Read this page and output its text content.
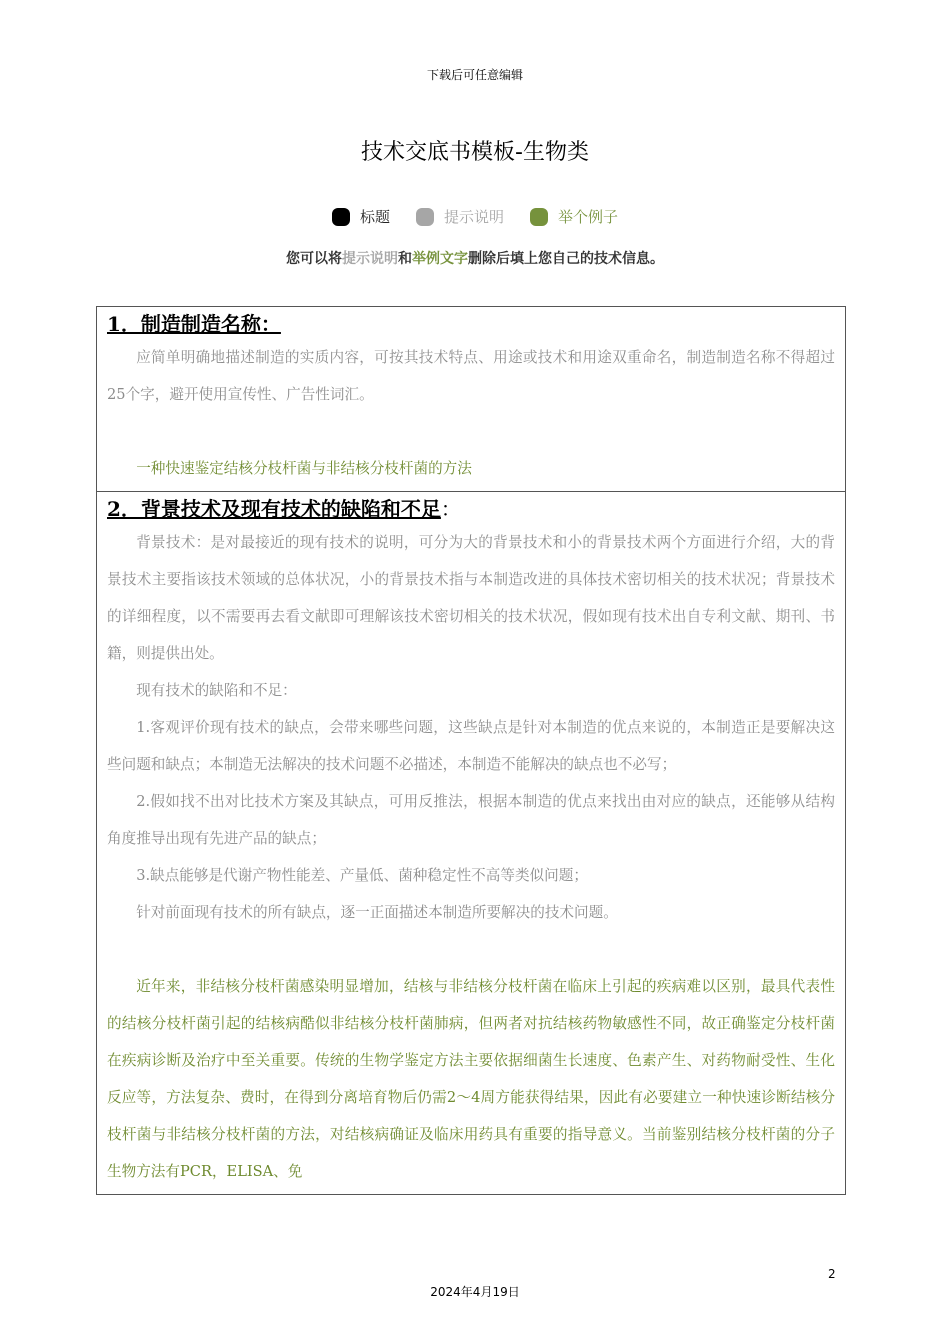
下载后可任意编辑
技术交底书模板-生物类
标题	提示说明	举个例子
您可以将提示说明和举例文字删除后填上您自己的技术信息。
1．制造制造名称：

应简单明确地描述制造的实质内容，可按其技术特点、用途或技术和用途双重命名，制造制造名称不得超过25个字，避开使用宣传性、广告性词汇。

一种快速鉴定结核分枝杆菌与非结核分枝杆菌的方法

2．背景技术及现有技术的缺陷和不足：

背景技术：是对最接近的现有技术的说明，可分为大的背景技术和小的背景技术两个方面进行介绍，大的背景技术主要指该技术领域的总体状况，小的背景技术指与本制造改进的具体技术密切相关的技术状况；背景技术的详细程度，以不需要再去看文献即可理解该技术密切相关的技术状况，假如现有技术出自专利文献、期刊、书籍，则提供出处。

现有技术的缺陷和不足：

1.客观评价现有技术的缺点，会带来哪些问题，这些缺点是针对本制造的优点来说的，本制造正是要解决这些问题和缺点；本制造无法解决的技术问题不必描述，本制造不能解决的缺点也不必写；

2.假如找不出对比技术方案及其缺点，可用反推法，根据本制造的优点来找出由对应的缺点，还能够从结构角度推导出现有先进产品的缺点；

3.缺点能够是代谢产物性能差、产量低、菌种稳定性不高等类似问题；

针对前面现有技术的所有缺点，逐一正面描述本制造所要解决的技术问题。

近年来，非结核分枝杆菌感染明显增加，结核与非结核分枝杆菌在临床上引起的疾病难以区别，最具代表性的结核分枝杆菌引起的结核病酷似非结核分枝杆菌肺病，但两者对抗结核药物敏感性不同，故正确鉴定分枝杆菌在疾病诊断及治疗中至关重要。传统的生物学鉴定方法主要依据细菌生长速度、色素产生、对药物耐受性、生化反应等，方法复杂、费时，在得到分离培育物后仍需2～4周方能获得结果，因此有必要建立一种快速诊断结核分枝杆菌与非结核分枝杆菌的方法，对结核病确证及临床用药具有重要的指导意义。当前鉴别结核分枝杆菌的分子生物方法有PCR，ELISA、免

2
2024年4月19日
